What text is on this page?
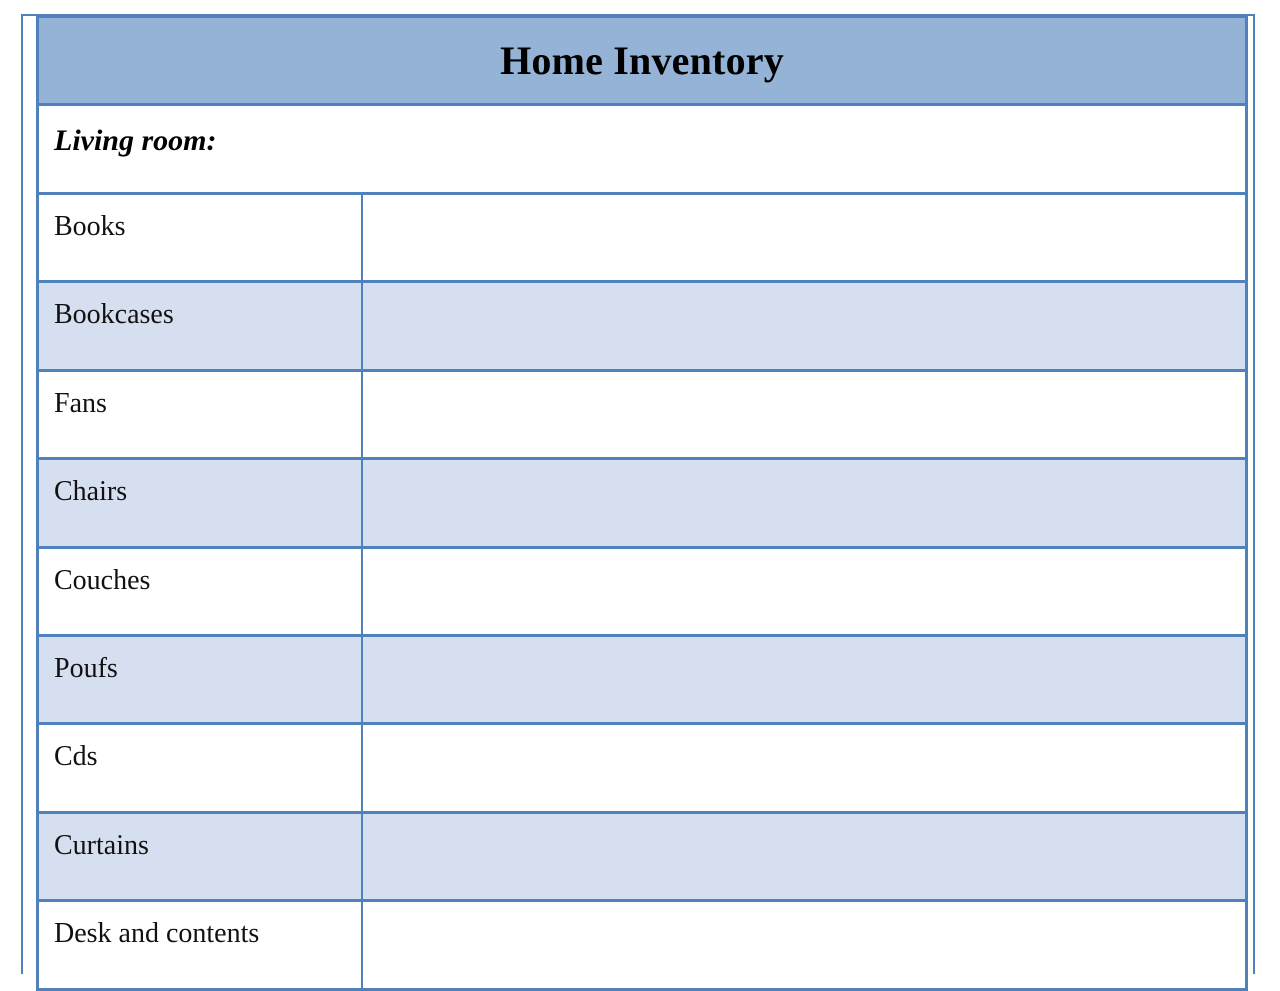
Home Inventory
Living room:
Books
Bookcases
Fans
Chairs
Couches
Poufs
Cds
Curtains
Desk and contents
